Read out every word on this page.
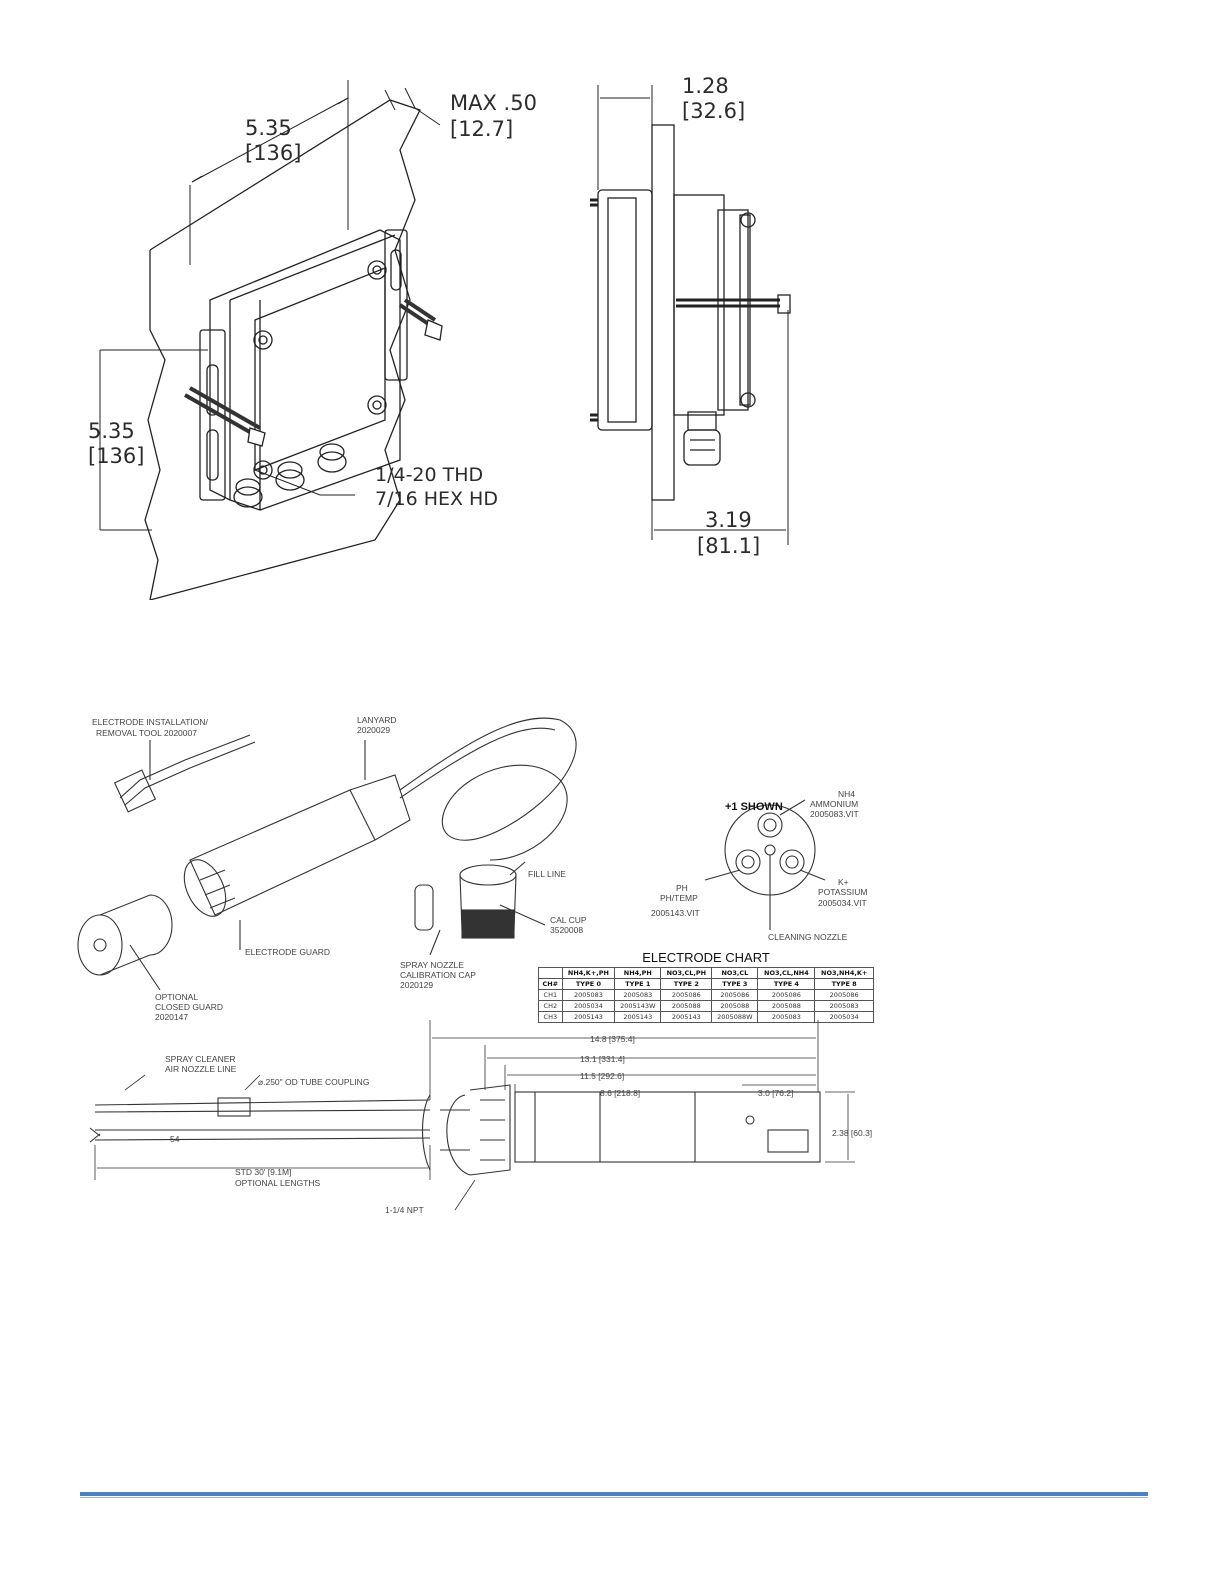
5.35
[136]
MAX .50
[12.7]
5.35
[136]
1/4-20 THD
7/16 HEX HD
1.28
[32.6]
3.19
[81.1]
ELECTRODE INSTALLATION/
REMOVAL TOOL 2020007
LANYARD
2020029
ELECTRODE GUARD
OPTIONAL
CLOSED GUARD
2020147
SPRAY NOZZLE
CALIBRATION CAP
2020129
FILL LINE
CAL CUP
3520008
NH4
AMMONIUM
2005083.VIT
PH
PH/TEMP
2005143.VIT
K+
POTASSIUM
2005034.VIT
CLEANING NOZZLE
SPRAY CLEANER
AIR NOZZLE LINE
⌀.250" OD TUBE COUPLING
STD 30' [9.1M]
OPTIONAL LENGTHS
1-1/4 NPT
14.8 [375.4]
13.1 [331.4]
11.5 [292.6]
8.6 [218.8]	3.0 [76.2]
2.38 [60.3]
54
+1 SHOWN
ELECTRODE CHART
	NH4,K+,PH	NH4,PH	NO3,CL,PH	NO3,CL	NO3,CL,NH4	NO3,NH4,K+
CH#	TYPE 0	TYPE 1	TYPE 2	TYPE 3	TYPE 4	TYPE 8
CH1	2005083	2005083	2005086	2005086	2005086	2005086
CH2	2005034	2005143W	2005088	2005088	2005088	2005083
CH3	2005143	2005143	2005143	2005088W	2005083	2005034
